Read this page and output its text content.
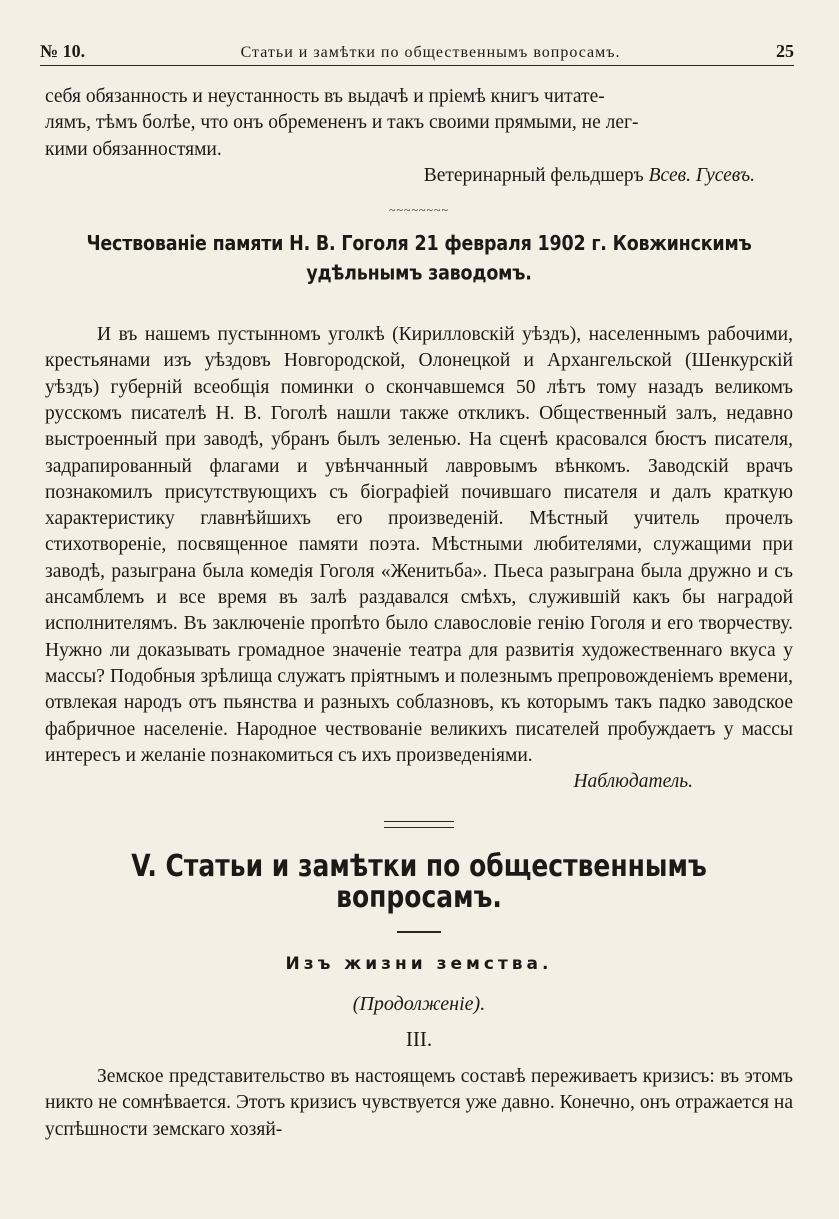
№ 10.	Статьи и замѣтки по общественнымъ вопросамъ.	25

себя обязанность и неустанность въ выдачѣ и пріемѣ книгъ читате-

лямъ, тѣмъ болѣе, что онъ обремененъ и такъ своими прямыми, не лег-

кими обязанностями.

Ветеринарный фельдшеръ Всев. Гусевъ.

~~~~~~~~
Чествованіе памяти Н. В. Гоголя 21 февраля 1902 г. Ковжинскимъ удѣльнымъ заводомъ.

И въ нашемъ пустынномъ уголкѣ (Кирилловскій уѣздъ), населеннымъ рабочими, крестьянами изъ уѣздовъ Новгородской, Олонецкой и Архангельской (Шенкурскій уѣздъ) губерній всеобщія поминки о скончавшемся 50 лѣтъ тому назадъ великомъ русскомъ писателѣ Н. В. Гоголѣ нашли также откликъ. Общественный залъ, недавно выстроенный при заводѣ, убранъ былъ зеленью. На сценѣ красовался бюстъ писателя, задрапированный флагами и увѣнчанный лавровымъ вѣнкомъ. Заводскій врачъ познакомилъ присутствующихъ съ біографіей почившаго писателя и далъ краткую характеристику главнѣйшихъ его произведеній. Мѣстный учитель прочелъ стихотвореніе, посвященное памяти поэта. Мѣстными любителями, служащими при заводѣ, разыграна была комедія Гоголя «Женитьба». Пьеса разыграна была дружно и съ ансамблемъ и все время въ залѣ раздавался смѣхъ, служившій какъ бы наградой исполнителямъ. Въ заключеніе пропѣто было славословіе генію Гоголя и его творчеству. Нужно ли доказывать громадное значеніе театра для развитія художественнаго вкуса у массы? Подобныя зрѣлища служатъ пріятнымъ и полезнымъ препровожденіемъ времени, отвлекая народъ отъ пьянства и разныхъ соблазновъ, къ которымъ такъ падко заводское фабричное населеніе. Народное чествованіе великихъ писателей пробуждаетъ у массы интересъ и желаніе познакомиться съ ихъ произведеніями.

Наблюдатель.

V. Статьи и замѣтки по общественнымъ вопросамъ.
Изъ жизни земства.
(Продолженіе).
III.

Земское представительство въ настоящемъ составѣ переживаетъ кризисъ: въ этомъ никто не сомнѣвается. Этотъ кризисъ чувствуется уже давно. Конечно, онъ отражается на успѣшности земскаго хозяй-
